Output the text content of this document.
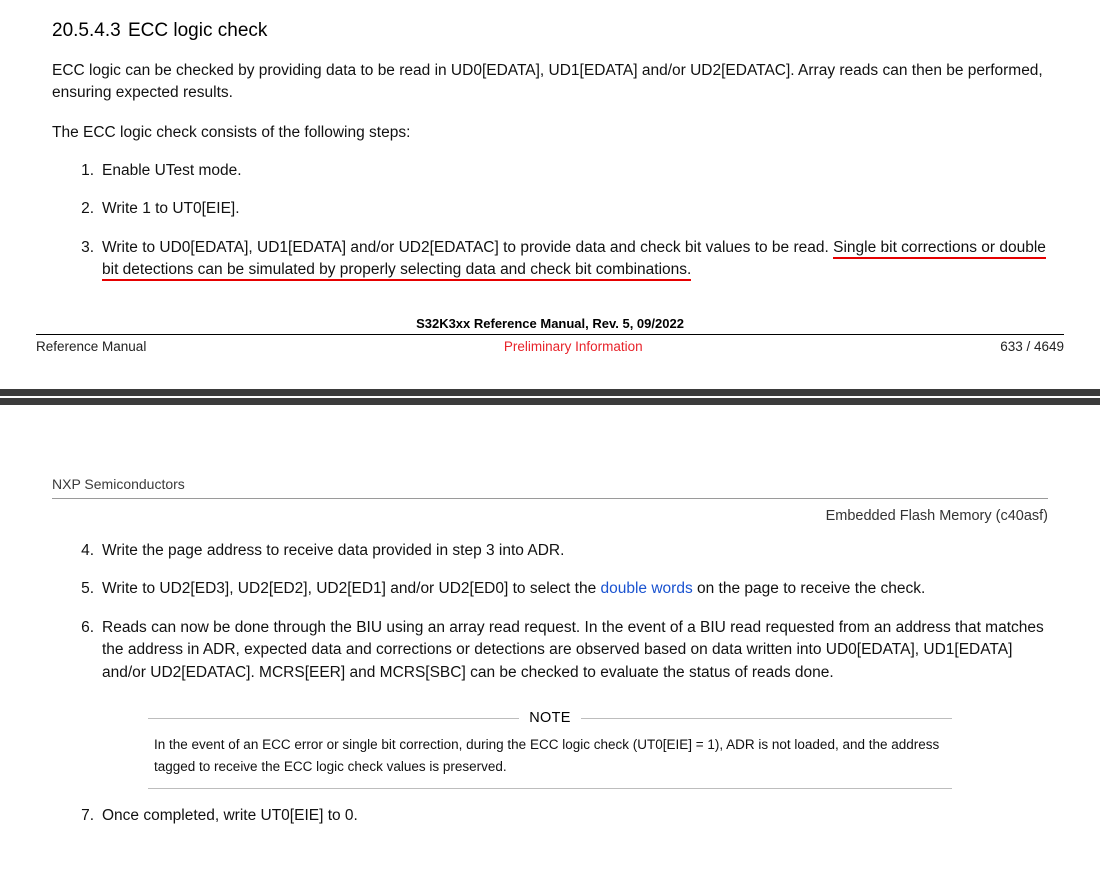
20.5.4.3 ECC logic check

ECC logic can be checked by providing data to be read in UD0[EDATA], UD1[EDATA] and/or UD2[EDATAC]. Array reads can then be performed, ensuring expected results.

The ECC logic check consists of the following steps:

Enable UTest mode.
Write 1 to UT0[EIE].
Write to UD0[EDATA], UD1[EDATA] and/or UD2[EDATAC] to provide data and check bit values to be read. Single bit corrections or double bit detections can be simulated by properly selecting data and check bit combinations.
S32K3xx Reference Manual, Rev. 5, 09/2022
Reference Manual	Preliminary Information	633 / 4649
NXP Semiconductors
Embedded Flash Memory (c40asf)
Write the page address to receive data provided in step 3 into ADR.
Write to UD2[ED3], UD2[ED2], UD2[ED1] and/or UD2[ED0] to select the double words on the page to receive the check.
Reads can now be done through the BIU using an array read request. In the event of a BIU read requested from an address that matches the address in ADR, expected data and corrections or detections are observed based on data written into UD0[EDATA], UD1[EDATA] and/or UD2[EDATAC]. MCRS[EER] and MCRS[SBC] can be checked to evaluate the status of reads done.
NOTE
In the event of an ECC error or single bit correction, during the ECC logic check (UT0[EIE] = 1), ADR is not loaded, and the address tagged to receive the ECC logic check values is preserved.
Once completed, write UT0[EIE] to 0.
